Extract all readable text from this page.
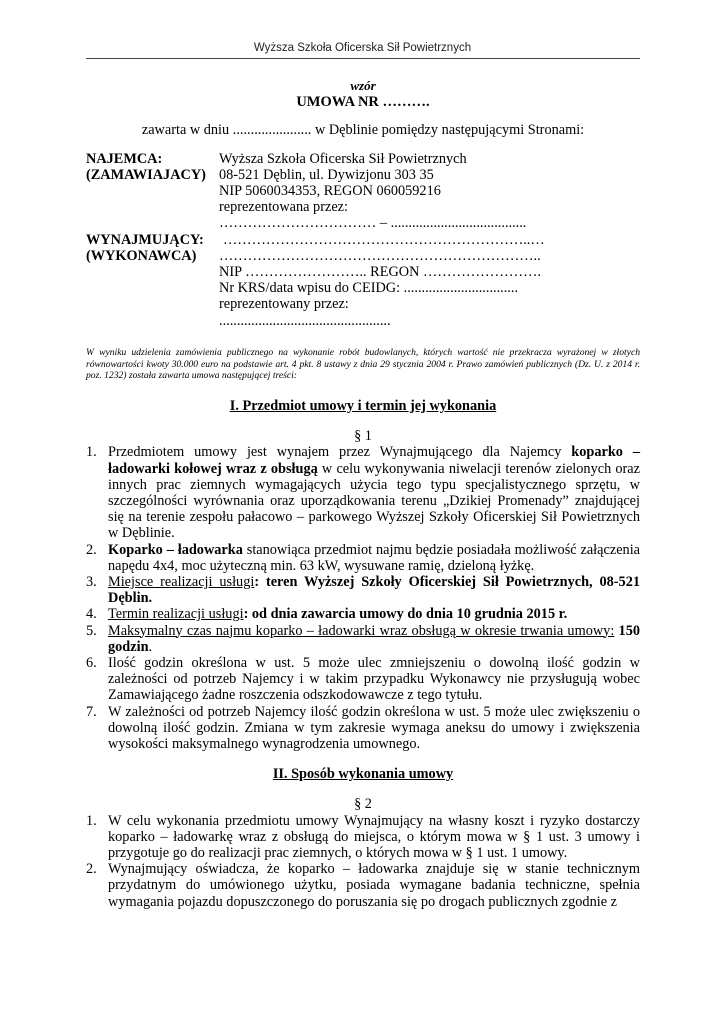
Wyższa Szkoła Oficerska Sił Powietrznych
wzór
UMOWA NR ……….
zawarta w dniu ...................... w Dęblinie pomiędzy następującymi Stronami:
NAJEMCA:	Wyższa Szkoła Oficerska Sił Powietrznych
(ZAMAWIAJACY) 08-521 Dęblin, ul. Dywizjonu 303 35
NIP 5060034353, REGON 060059216
reprezentowana przez:
…………………………… – ......................................
WYNAJMUJĄCY:	………………………………………………………..…
(WYKONAWCA)	…………………………………………………………..
NIP …………………….. REGON …………………….
Nr KRS/data wpisu do CEIDG: ................................
reprezentowany przez:
................................................
W wyniku udzielenia zamówienia publicznego na wykonanie robót budowlanych, których wartość nie przekracza wyrażonej w złotych równowartości kwoty 30.000 euro na podstawie art. 4 pkt. 8 ustawy z dnia 29 stycznia 2004 r. Prawo zamówień publicznych (Dz. U. z 2014 r. poz. 1232) została zawarta umowa następującej treści:
I. Przedmiot umowy i termin jej wykonania
§ 1
1. Przedmiotem umowy jest wynajem przez Wynajmującego dla Najemcy koparko – ładowarki kołowej wraz z obsługą w celu wykonywania niwelacji terenów zielonych oraz innych prac ziemnych wymagających użycia tego typu specjalistycznego sprzętu, w szczególności wyrównania oraz uporządkowania terenu „Dzikiej Promenady” znajdującej się na terenie zespołu pałacowo – parkowego Wyższej Szkoły Oficerskiej Sił Powietrznych w Dęblinie.
2. Koparko – ładowarka stanowiąca przedmiot najmu będzie posiadała możliwość załączenia napędu 4x4, moc użyteczną min. 63 kW, wysuwane ramię, dzieloną łyżkę.
3. Miejsce realizacji usługi: teren Wyższej Szkoły Oficerskiej Sił Powietrznych, 08-521 Dęblin.
4. Termin realizacji usługi: od dnia zawarcia umowy do dnia 10 grudnia 2015 r.
5. Maksymalny czas najmu koparko – ładowarki wraz obsługą w okresie trwania umowy: 150 godzin.
6. Ilość godzin określona w ust. 5 może ulec zmniejszeniu o dowolną ilość godzin w zależności od potrzeb Najemcy i w takim przypadku Wykonawcy nie przysługują wobec Zamawiającego żadne roszczenia odszkodowawcze z tego tytułu.
7. W zależności od potrzeb Najemcy ilość godzin określona w ust. 5 może ulec zwiększeniu o dowolną ilość godzin. Zmiana w tym zakresie wymaga aneksu do umowy i zwiększenia wysokości maksymalnego wynagrodzenia umownego.
II. Sposób wykonania umowy
§ 2
1. W celu wykonania przedmiotu umowy Wynajmujący na własny koszt i ryzyko dostarczy koparko – ładowarkę wraz z obsługą do miejsca, o którym mowa w § 1 ust. 3 umowy i przygotuje go do realizacji prac ziemnych, o których mowa w § 1 ust. 1 umowy.
2. Wynajmujący oświadcza, że koparko – ładowarka znajduje się w stanie technicznym przydatnym do umówionego użytku, posiada wymagane badania techniczne, spełnia wymagania pojazdu dopuszczonego do poruszania się po drogach publicznych zgodnie z
